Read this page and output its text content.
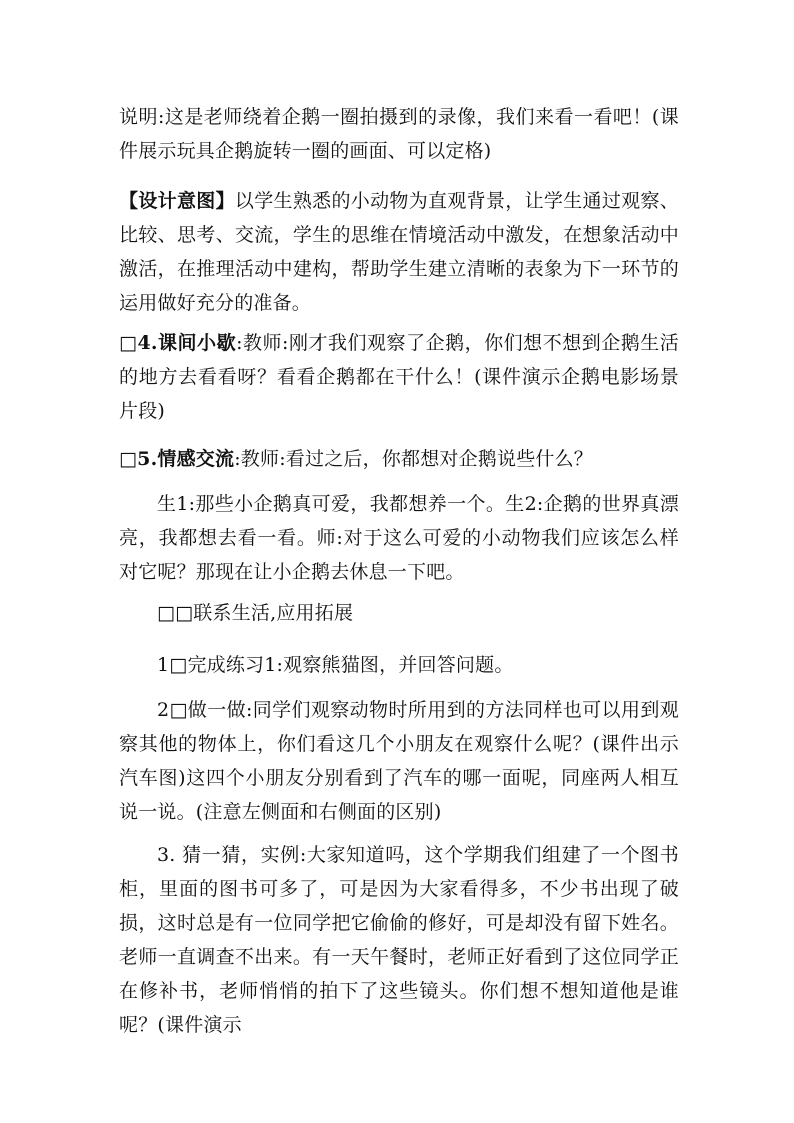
说明:这是老师绕着企鹅一圈拍摄到的录像，我们来看一看吧！(课件展示玩具企鹅旋转一圈的画面、可以定格)

【设计意图】以学生熟悉的小动物为直观背景，让学生通过观察、比较、思考、交流，学生的思维在情境活动中激发，在想象活动中激活，在推理活动中建构，帮助学生建立清晰的表象为下一环节的运用做好充分的准备。

□4.课间小歇:教师:刚才我们观察了企鹅，你们想不想到企鹅生活的地方去看看呀？看看企鹅都在干什么！(课件演示企鹅电影场景片段)

□5.情感交流:教师:看过之后，你都想对企鹅说些什么？

生1:那些小企鹅真可爱，我都想养一个。生2:企鹅的世界真漂亮，我都想去看一看。师:对于这么可爱的小动物我们应该怎么样对它呢？那现在让小企鹅去休息一下吧。

□□联系生活,应用拓展

1□完成练习1:观察熊猫图，并回答问题。

2□做一做:同学们观察动物时所用到的方法同样也可以用到观察其他的物体上，你们看这几个小朋友在观察什么呢？(课件出示汽车图)这四个小朋友分别看到了汽车的哪一面呢，同座两人相互说一说。(注意左侧面和右侧面的区别)

3. 猜一猜，实例:大家知道吗，这个学期我们组建了一个图书柜，里面的图书可多了，可是因为大家看得多，不少书出现了破损，这时总是有一位同学把它偷偷的修好，可是却没有留下姓名。老师一直调查不出来。有一天午餐时，老师正好看到了这位同学正在修补书，老师悄悄的拍下了这些镜头。你们想不想知道他是谁呢？(课件演示
